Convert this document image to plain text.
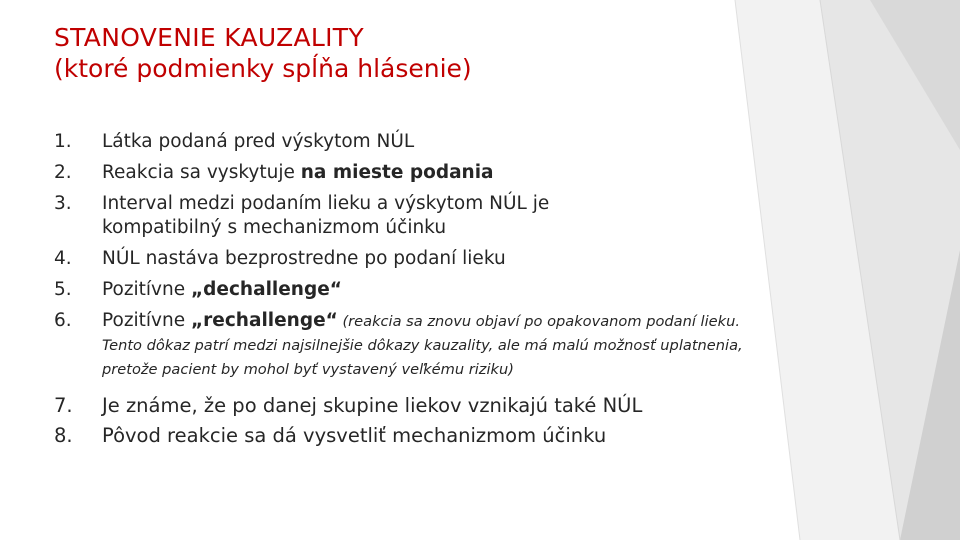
STANOVENIE KAUZALITY
(ktoré podmienky spĺňa hlásenie)
1.	Látka podaná pred výskytom NÚL
2.	Reakcia sa vyskytuje na mieste podania
3.	Interval medzi podaním lieku a výskytom NÚL je kompatibilný s mechanizmom účinku
4.	NÚL nastáva bezprostredne po podaní lieku
5.	Pozitívne „dechallenge“
6.	Pozitívne „rechallenge“ (reakcia sa znovu objaví po opakovanom podaní lieku. Tento dôkaz patrí medzi najsilnejšie dôkazy kauzality, ale má malú možnosť uplatnenia, pretože pacient by mohol byť vystavený veľkému riziku)
7.	Je známe, že po danej skupine liekov vznikajú také NÚL
8.	Pôvod reakcie sa dá vysvetliť mechanizmom účinku
